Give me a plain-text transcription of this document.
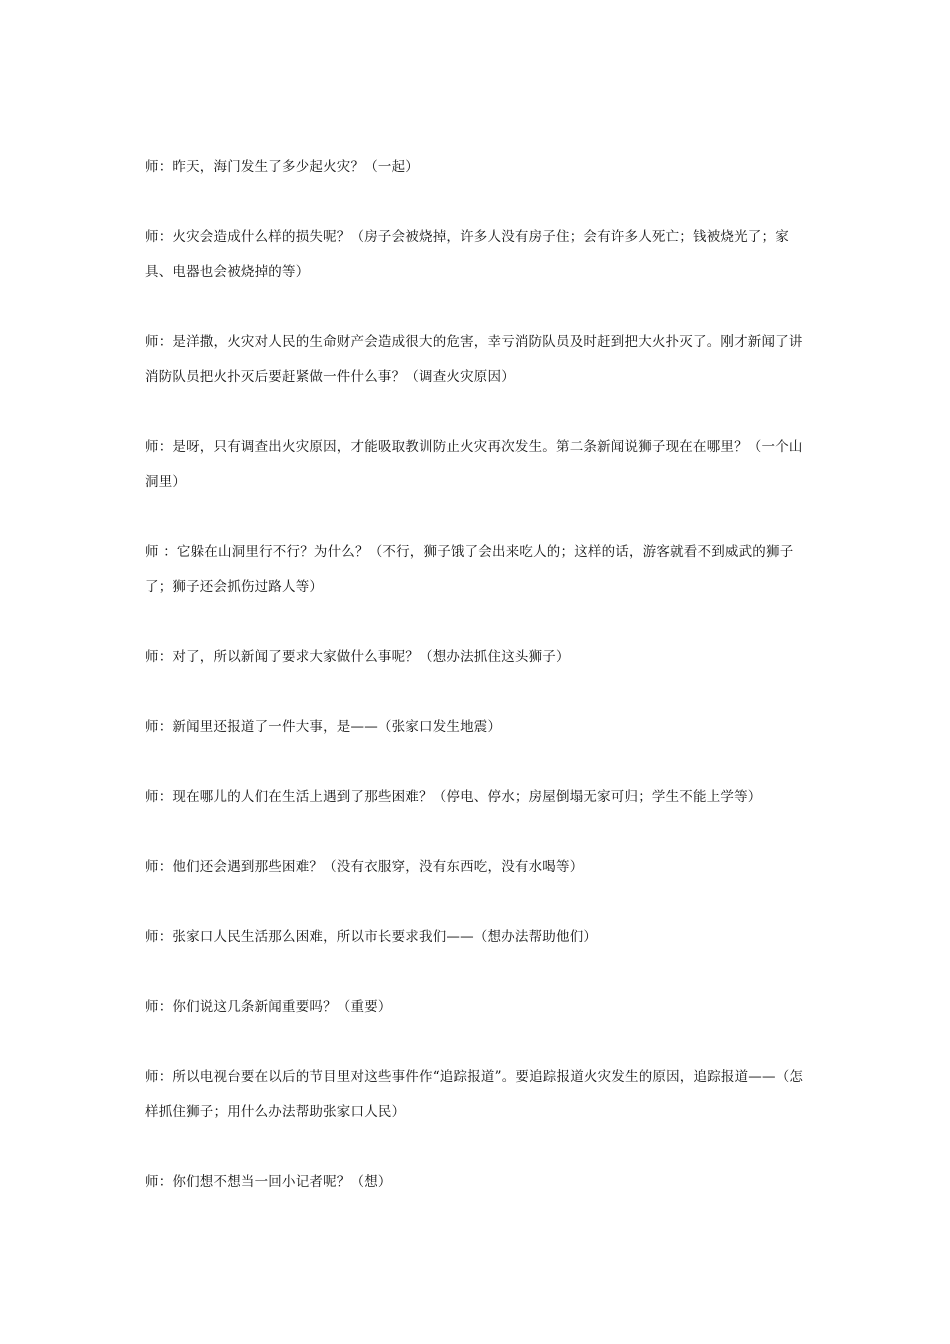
师：昨天，海门发生了多少起火灾？（一起）

师：火灾会造成什么样的损失呢？（房子会被烧掉，许多人没有房子住；会有许多人死亡；钱被烧光了；家具、电器也会被烧掉的等）

师：是洋撒，火灾对人民的生命财产会造成很大的危害，幸亏消防队员及时赶到把大火扑灭了。刚才新闻了讲消防队员把火扑灭后要赶紧做一件什么事？（调查火灾原因）

师：是呀，只有调查出火灾原因，才能吸取教训防止火灾再次发生。第二条新闻说狮子现在在哪里？（一个山洞里）

师 ：它躲在山洞里行不行？为什么？（不行，狮子饿了会出来吃人的；这样的话，游客就看不到威武的狮子了；狮子还会抓伤过路人等）

师：对了，所以新闻了要求大家做什么事呢？（想办法抓住这头狮子）

师：新闻里还报道了一件大事，是——（张家口发生地震）

师：现在哪儿的人们在生活上遇到了那些困难？（停电、停水；房屋倒塌无家可归；学生不能上学等）

师：他们还会遇到那些困难？（没有衣服穿，没有东西吃，没有水喝等）

师：张家口人民生活那么困难，所以市长要求我们——（想办法帮助他们）

师：你们说这几条新闻重要吗？（重要）

师：所以电视台要在以后的节目里对这些事件作“追踪报道”。要追踪报道火灾发生的原因，追踪报道——（怎样抓住狮子；用什么办法帮助张家口人民）

师：你们想不想当一回小记者呢？（想）
